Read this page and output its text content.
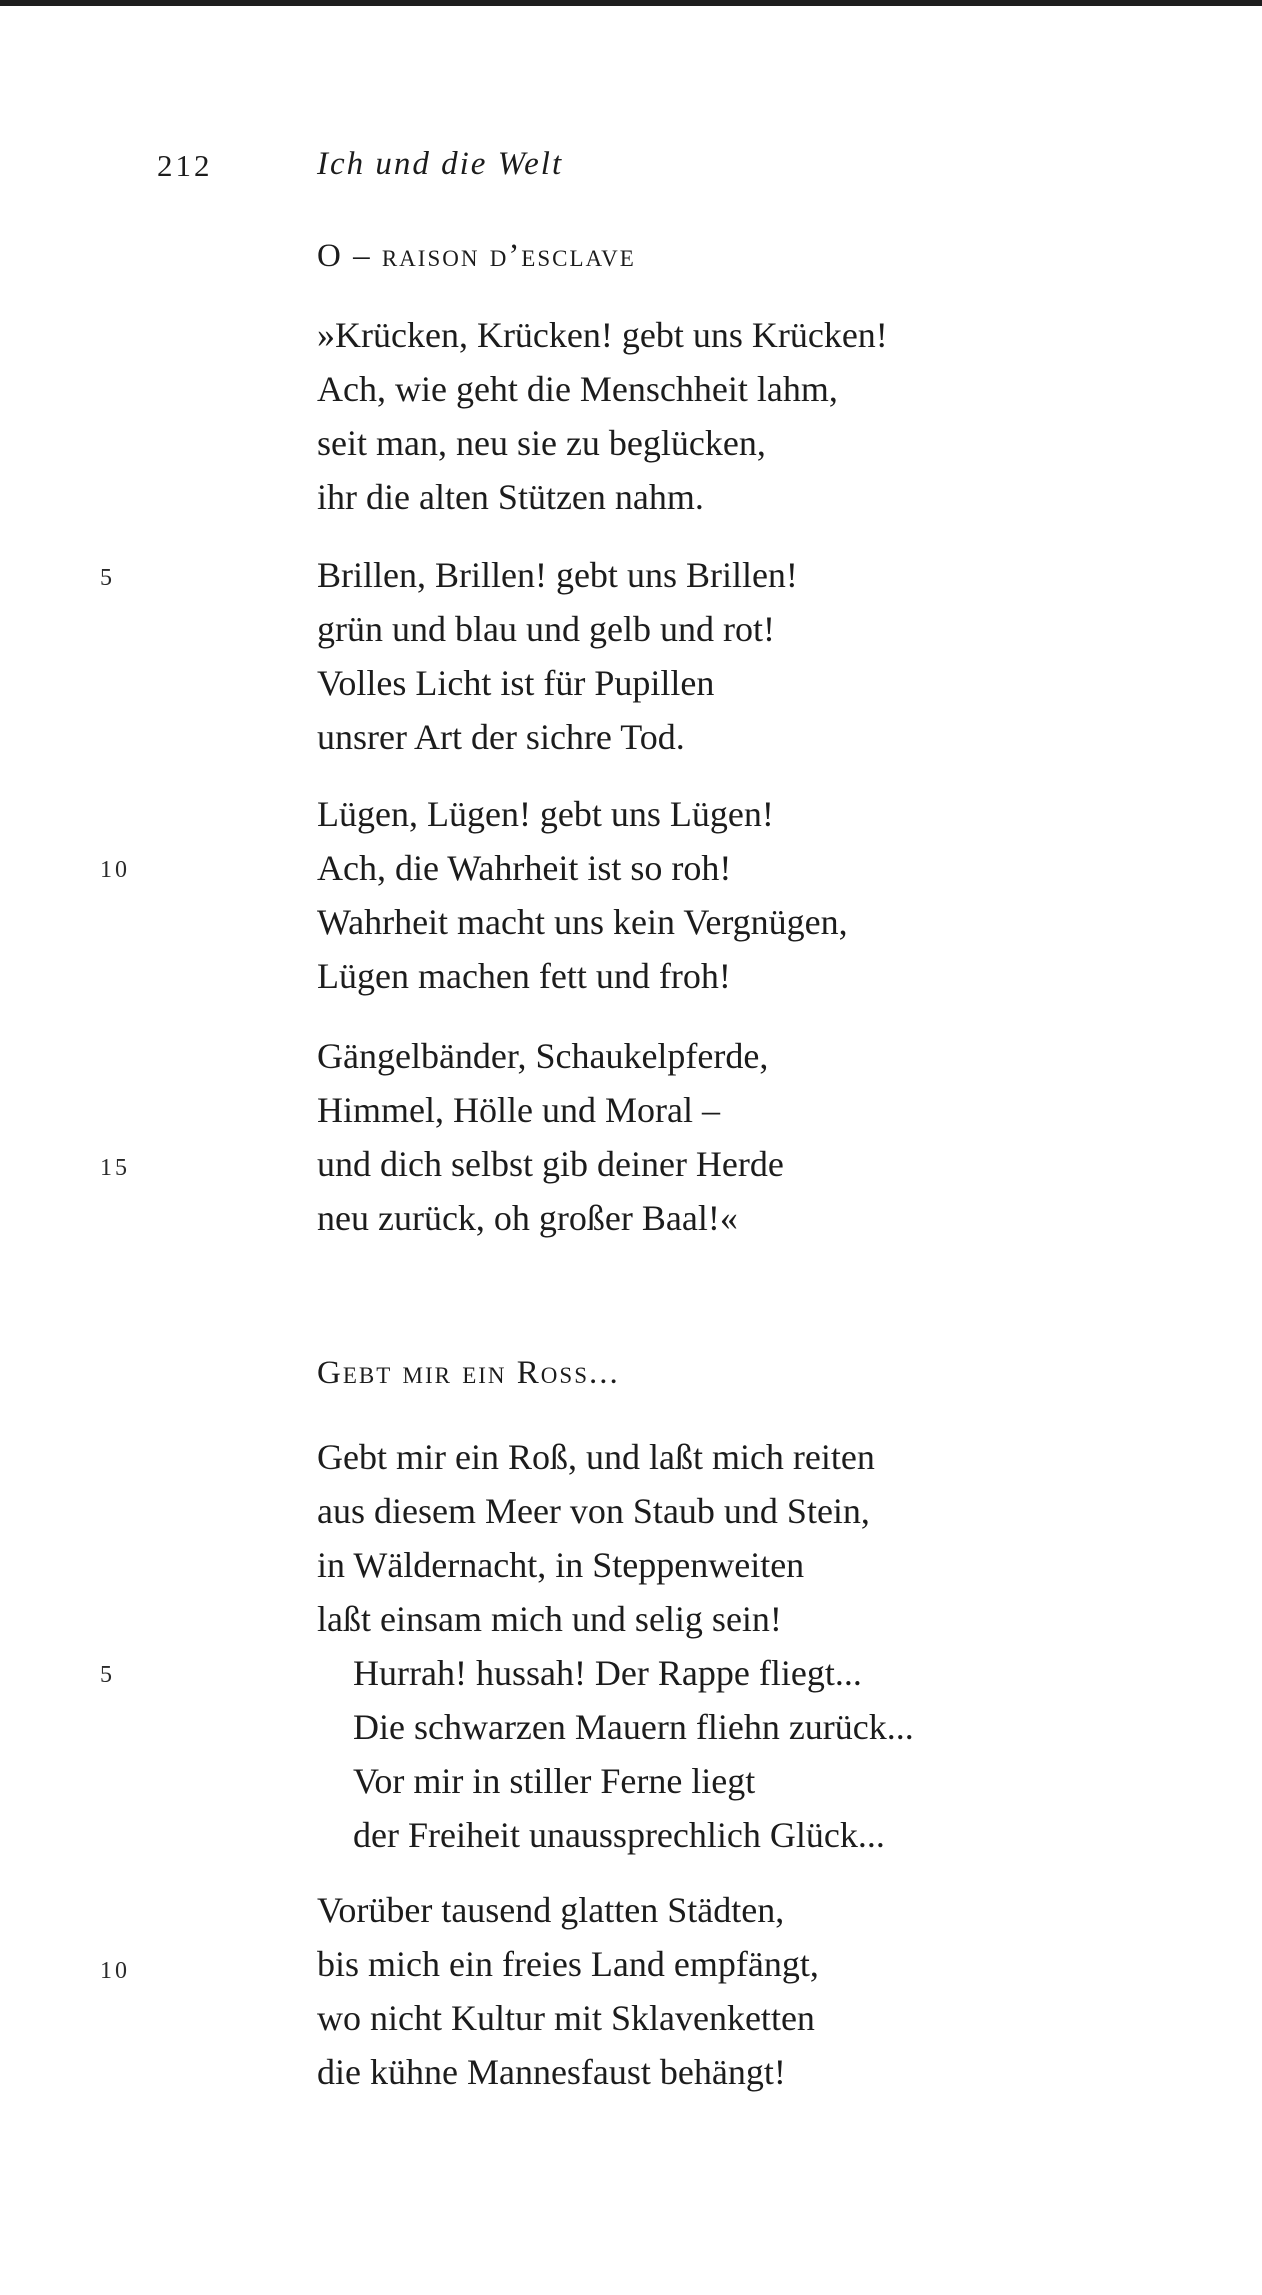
212	Ich und die Welt
O – raison d’esclave
»Krücken, Krücken! gebt uns Krücken!
Ach, wie geht die Menschheit lahm,
seit man, neu sie zu beglücken,
ihr die alten Stützen nahm.
5	Brillen, Brillen! gebt uns Brillen!
grün und blau und gelb und rot!
Volles Licht ist für Pupillen
unsrer Art der sichre Tod.
10
Lügen, Lügen! gebt uns Lügen!
Ach, die Wahrheit ist so roh!
Wahrheit macht uns kein Vergnügen,
Lügen machen fett und froh!
15
Gängelbänder, Schaukelpferde,
Himmel, Hölle und Moral –
und dich selbst gib deiner Herde
neu zurück, oh großer Baal!«
Gebt mir ein Ross...
5
Gebt mir ein Roß, und laßt mich reiten
aus diesem Meer von Staub und Stein,
in Wäldernacht, in Steppenweiten
laßt einsam mich und selig sein!
Hurrah! hussah! Der Rappe fliegt...
Die schwarzen Mauern fliehn zurück...
Vor mir in stiller Ferne liegt
der Freiheit unaussprechlich Glück...
10
Vorüber tausend glatten Städten,
bis mich ein freies Land empfängt,
wo nicht Kultur mit Sklavenketten
die kühne Mannesfaust behängt!
